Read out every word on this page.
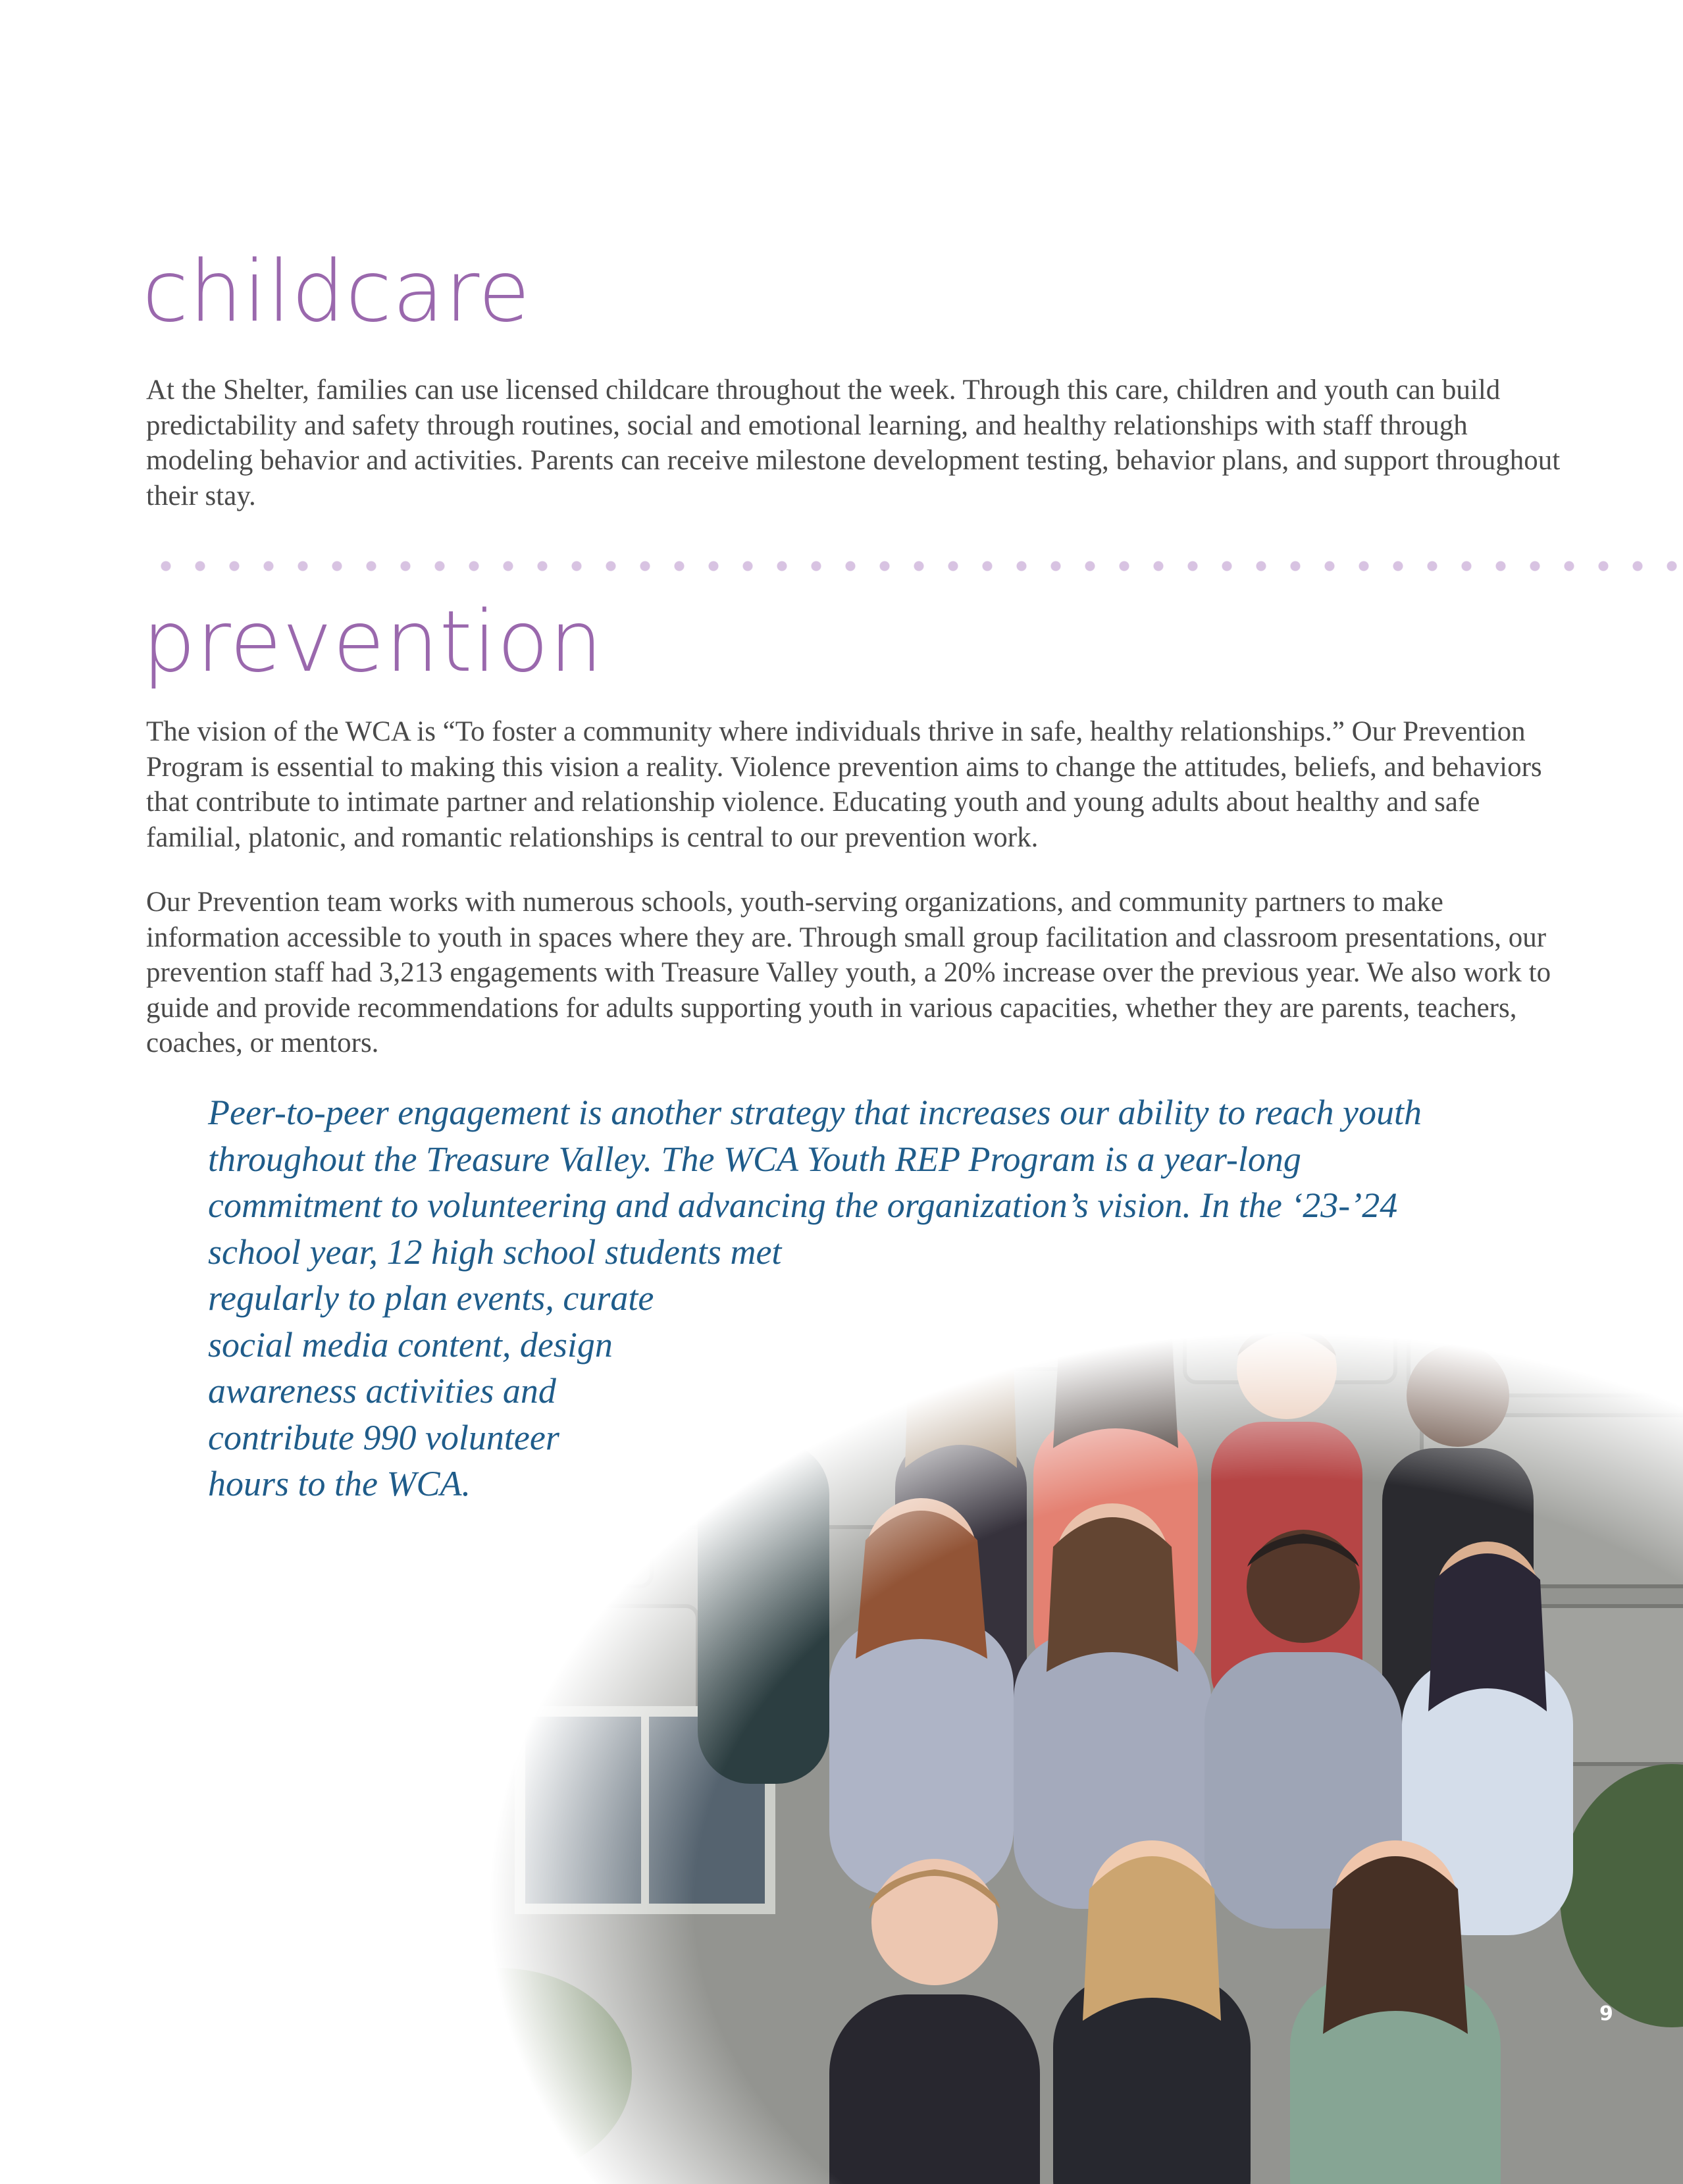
childcare

At the Shelter, families can use licensed childcare throughout the week. Through this care, children and youth can build predictability and safety through routines, social and emotional learning, and healthy relationships with staff through modeling behavior and activities. Parents can receive milestone development testing, behavior plans, and support throughout their stay.

prevention

The vision of the WCA is “To foster a community where individuals thrive in safe, healthy relationships.” Our Prevention Program is essential to making this vision a reality. Violence prevention aims to change the attitudes, beliefs, and behaviors that contribute to intimate partner and relationship violence. Educating youth and young adults about healthy and safe familial, platonic, and romantic relationships is central to our prevention work.

Our Prevention team works with numerous schools, youth-serving organizations, and community partners to make information accessible to youth in spaces where they are. Through small group facilitation and classroom presentations, our prevention staff had 3,213 engagements with Treasure Valley youth, a 20% increase over the previous year. We also work to guide and provide recommendations for adults supporting youth in various capacities, whether they are parents, teachers, coaches, or mentors.

Peer-to-peer engagement is another strategy that increases our ability to reach youth
throughout the Treasure Valley. The WCA Youth REP Program is a year-long
commitment to volunteering and advancing the organization’s vision. In the ‘23-’24
school year, 12 high school students met
regularly to plan events, curate
social media content, design
awareness activities and
contribute 990 volunteer
hours to the WCA.

9
